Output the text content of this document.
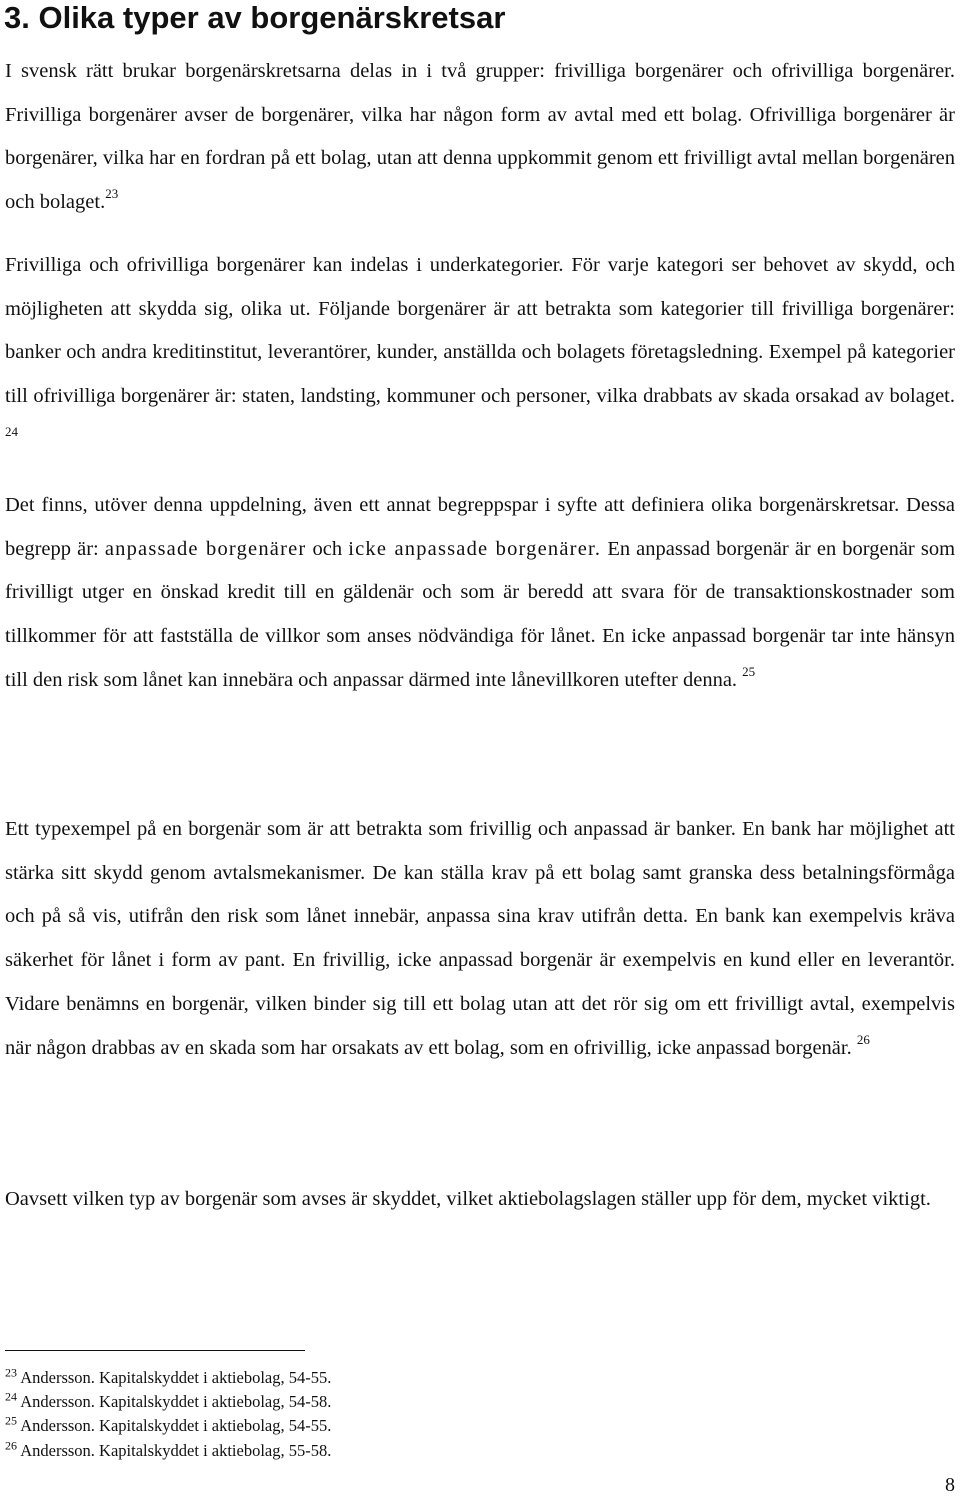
3. Olika typer av borgenärskretsar

I svensk rätt brukar borgenärskretsarna delas in i två grupper: frivilliga borgenärer och ofrivilliga borgenärer. Frivilliga borgenärer avser de borgenärer, vilka har någon form av avtal med ett bolag. Ofrivilliga borgenärer är borgenärer, vilka har en fordran på ett bolag, utan att denna uppkommit genom ett frivilligt avtal mellan borgenären och bolaget.$^{23}$

Frivilliga och ofrivilliga borgenärer kan indelas i underkategorier. För varje kategori ser behovet av skydd, och möjligheten att skydda sig, olika ut. Följande borgenärer är att betrakta som kategorier till frivilliga borgenärer: banker och andra kreditinstitut, leverantörer, kunder, anställda och bolagets företagsledning. Exempel på kategorier till ofrivilliga borgenärer är: staten, landsting, kommuner och personer, vilka drabbats av skada orsakad av bolaget. $^{24}$

Det finns, utöver denna uppdelning, även ett annat begreppspar i syfte att definiera olika borgenärskretsar. Dessa begrepp är: anpassade borgenärer och icke anpassade borgenärer. En anpassad borgenär är en borgenär som frivilligt utger en önskad kredit till en gäldenär och som är beredd att svara för de transaktionskostnader som tillkommer för att fastställa de villkor som anses nödvändiga för lånet. En icke anpassad borgenär tar inte hänsyn till den risk som lånet kan innebära och anpassar därmed inte lånevillkoren utefter denna. $^{25}$

Ett typexempel på en borgenär som är att betrakta som frivillig och anpassad är banker. En bank har möjlighet att stärka sitt skydd genom avtalsmekanismer. De kan ställa krav på ett bolag samt granska dess betalningsförmåga och på så vis, utifrån den risk som lånet innebär, anpassa sina krav utifrån detta. En bank kan exempelvis kräva säkerhet för lånet i form av pant. En frivillig, icke anpassad borgenär är exempelvis en kund eller en leverantör. Vidare benämns en borgenär, vilken binder sig till ett bolag utan att det rör sig om ett frivilligt avtal, exempelvis när någon drabbas av en skada som har orsakats av ett bolag, som en ofrivillig, icke anpassad borgenär. $^{26}$

Oavsett vilken typ av borgenär som avses är skyddet, vilket aktiebolagslagen ställer upp för dem, mycket viktigt.

$^{23}$ Andersson. Kapitalskyddet i aktiebolag, 54-55.
$^{24}$ Andersson. Kapitalskyddet i aktiebolag, 54-58.
$^{25}$ Andersson. Kapitalskyddet i aktiebolag, 54-55.
$^{26}$ Andersson. Kapitalskyddet i aktiebolag, 55-58.
8
